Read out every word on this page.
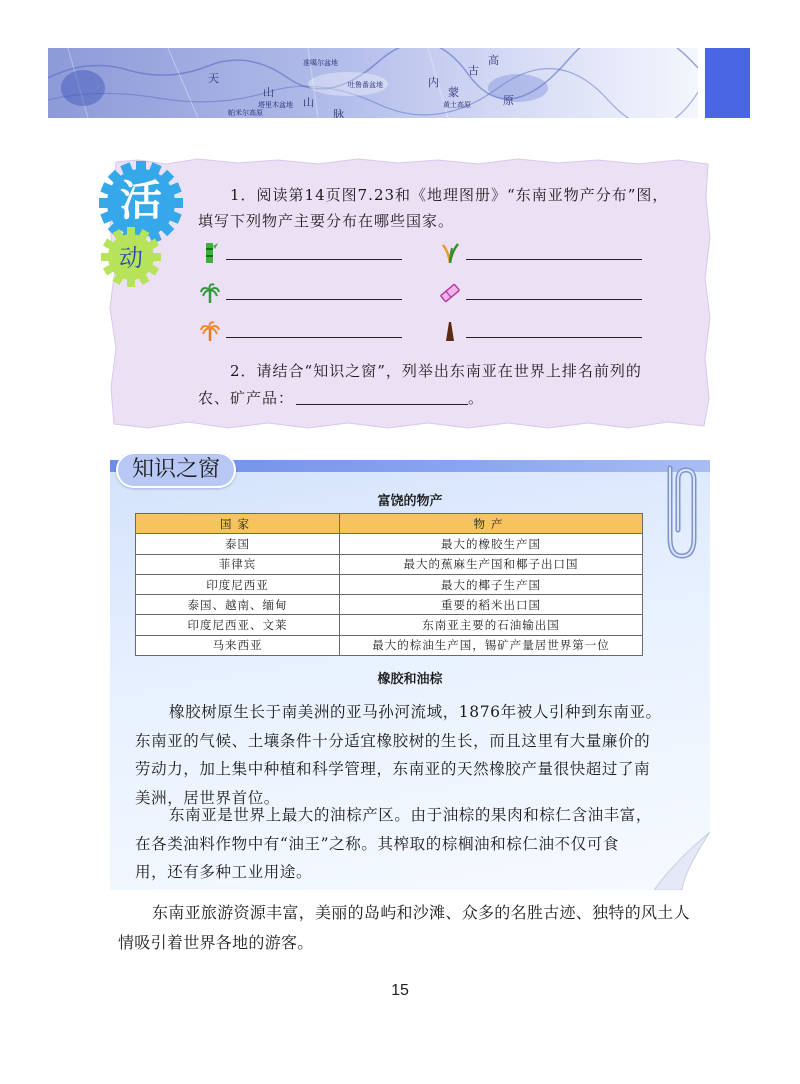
天
山
山
脉
内
蒙
古
高
原
准噶尔盆地
黄土高原
塔里木盆地
帕米尔高原
吐鲁番盆地
活
动
1．阅读第14页图7.23和《地理图册》“东南亚物产分布”图，
填写下列物产主要分布在哪些国家。
2．请结合“知识之窗”，列举出东南亚在世界上排名前列的
农、矿产品：	。
知识之窗
富饶的物产
国家	物产
泰国	最大的橡胶生产国
菲律宾	最大的蕉麻生产国和椰子出口国
印度尼西亚	最大的椰子生产国
泰国、越南、缅甸	重要的稻米出口国
印度尼西亚、文莱	东南亚主要的石油输出国
马来西亚	最大的棕油生产国，锡矿产量居世界第一位
橡胶和油棕
橡胶树原生长于南美洲的亚马孙河流域，1876年被人引种到东南亚。
东南亚的气候、土壤条件十分适宜橡胶树的生长，而且这里有大量廉价的
劳动力，加上集中种植和科学管理，东南亚的天然橡胶产量很快超过了南
美洲，居世界首位。
东南亚是世界上最大的油棕产区。由于油棕的果肉和棕仁含油丰富，
在各类油料作物中有“油王”之称。其榨取的棕榈油和棕仁油不仅可食
用，还有多种工业用途。
东南亚旅游资源丰富，美丽的岛屿和沙滩、众多的名胜古迹、独特的风土人
情吸引着世界各地的游客。
15
